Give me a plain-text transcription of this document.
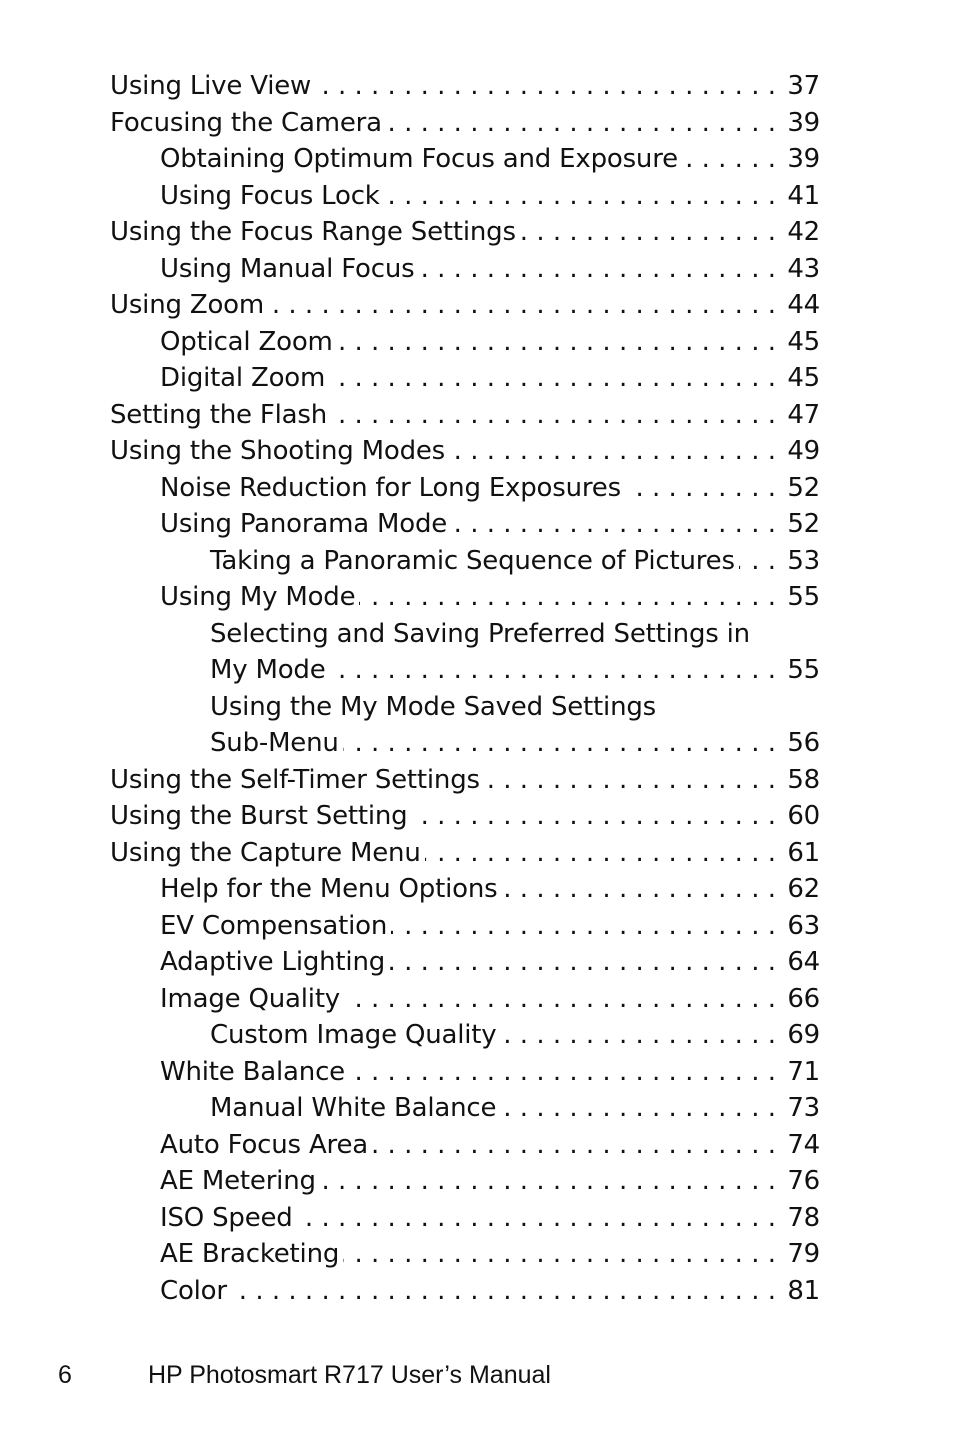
Using Live View . . .	37
Focusing the Camera . . .	39
Obtaining Optimum Focus and Exposure . . .	39
Using Focus Lock . . .	41
Using the Focus Range Settings . . .	42
Using Manual Focus . . .	43
Using Zoom . . .	44
Optical Zoom . . .	45
Digital Zoom . . .	45
Setting the Flash . . .	47
Using the Shooting Modes . . .	49
Noise Reduction for Long Exposures . . .	52
Using Panorama Mode . . .	52
Taking a Panoramic Sequence of Pictures . . . 53
Using My Mode . . .	55
Selecting and Saving Preferred Settings in
My Mode . . .	55
Using the My Mode Saved Settings
Sub-Menu . . .	56
Using the Self-Timer Settings . . .	58
Using the Burst Setting . . .	60
Using the Capture Menu . . .	61
Help for the Menu Options . . .	62
EV Compensation . . .	63
Adaptive Lighting . . .	64
Image Quality . . .	66
Custom Image Quality . . .	69
White Balance . . .	71
Manual White Balance . . .	73
Auto Focus Area . . .	74
AE Metering . . .	76
ISO Speed . . .	78
AE Bracketing . . .	79
Color . . .	81
6	HP Photosmart R717 User’s Manual
